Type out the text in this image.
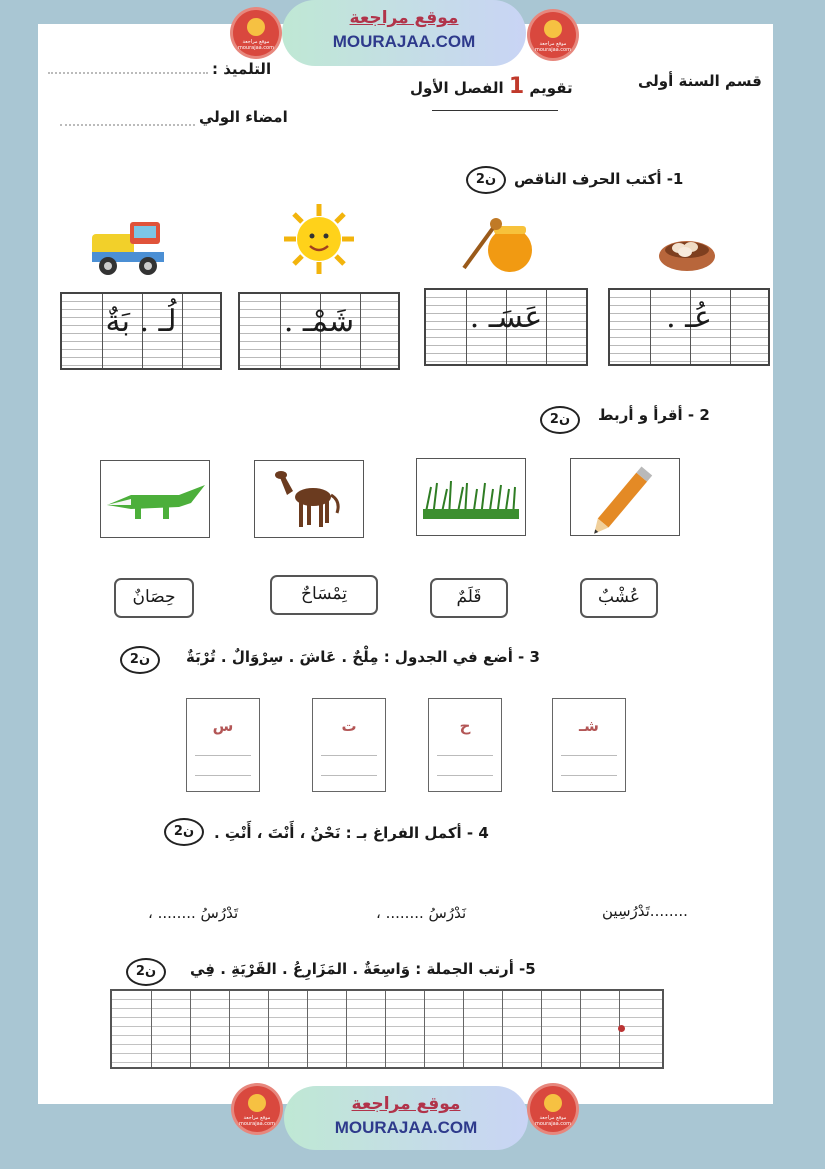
موقع مراجعة mourajaa.com
موقع مراجعة
MOURAJAA.COM	موقع مراجعة mourajaa.com
قسم السنة أولى
تقويم 1 الفصل الأول
التلميذ :
امضاء الولي
1- أكتب الحرف الناقص
2ن
عُـ .
عَسَـ .
شَمْـ .
لُـ . بَةٌ
2 - أقرأ و أربط
2ن
عُشْبٌ
قَلَمٌ
تِمْسَاحٌ
حِصَانٌ
3 - أضع في الجدول : مِلْحٌ . عَاشَ . سِرْوَالٌ . تُرْبَةٌ
2ن
شـ
ح
ت
س
4 - أكمل الفراغ بـ : نَحْنُ ، أَنْتَ ، أَنْتِ .
2ن
........تَدْرُسِين
نَدْرُسُ ........ ،
تَدْرُسُ ........ ،
5- أرتب الجملة : وَاسِعَةٌ . المَزَارِعُ . القَرْيَةِ . فِي
2ن
موقع مراجعة mourajaa.com
موقع مراجعة
MOURAJAA.COM	موقع مراجعة mourajaa.com
